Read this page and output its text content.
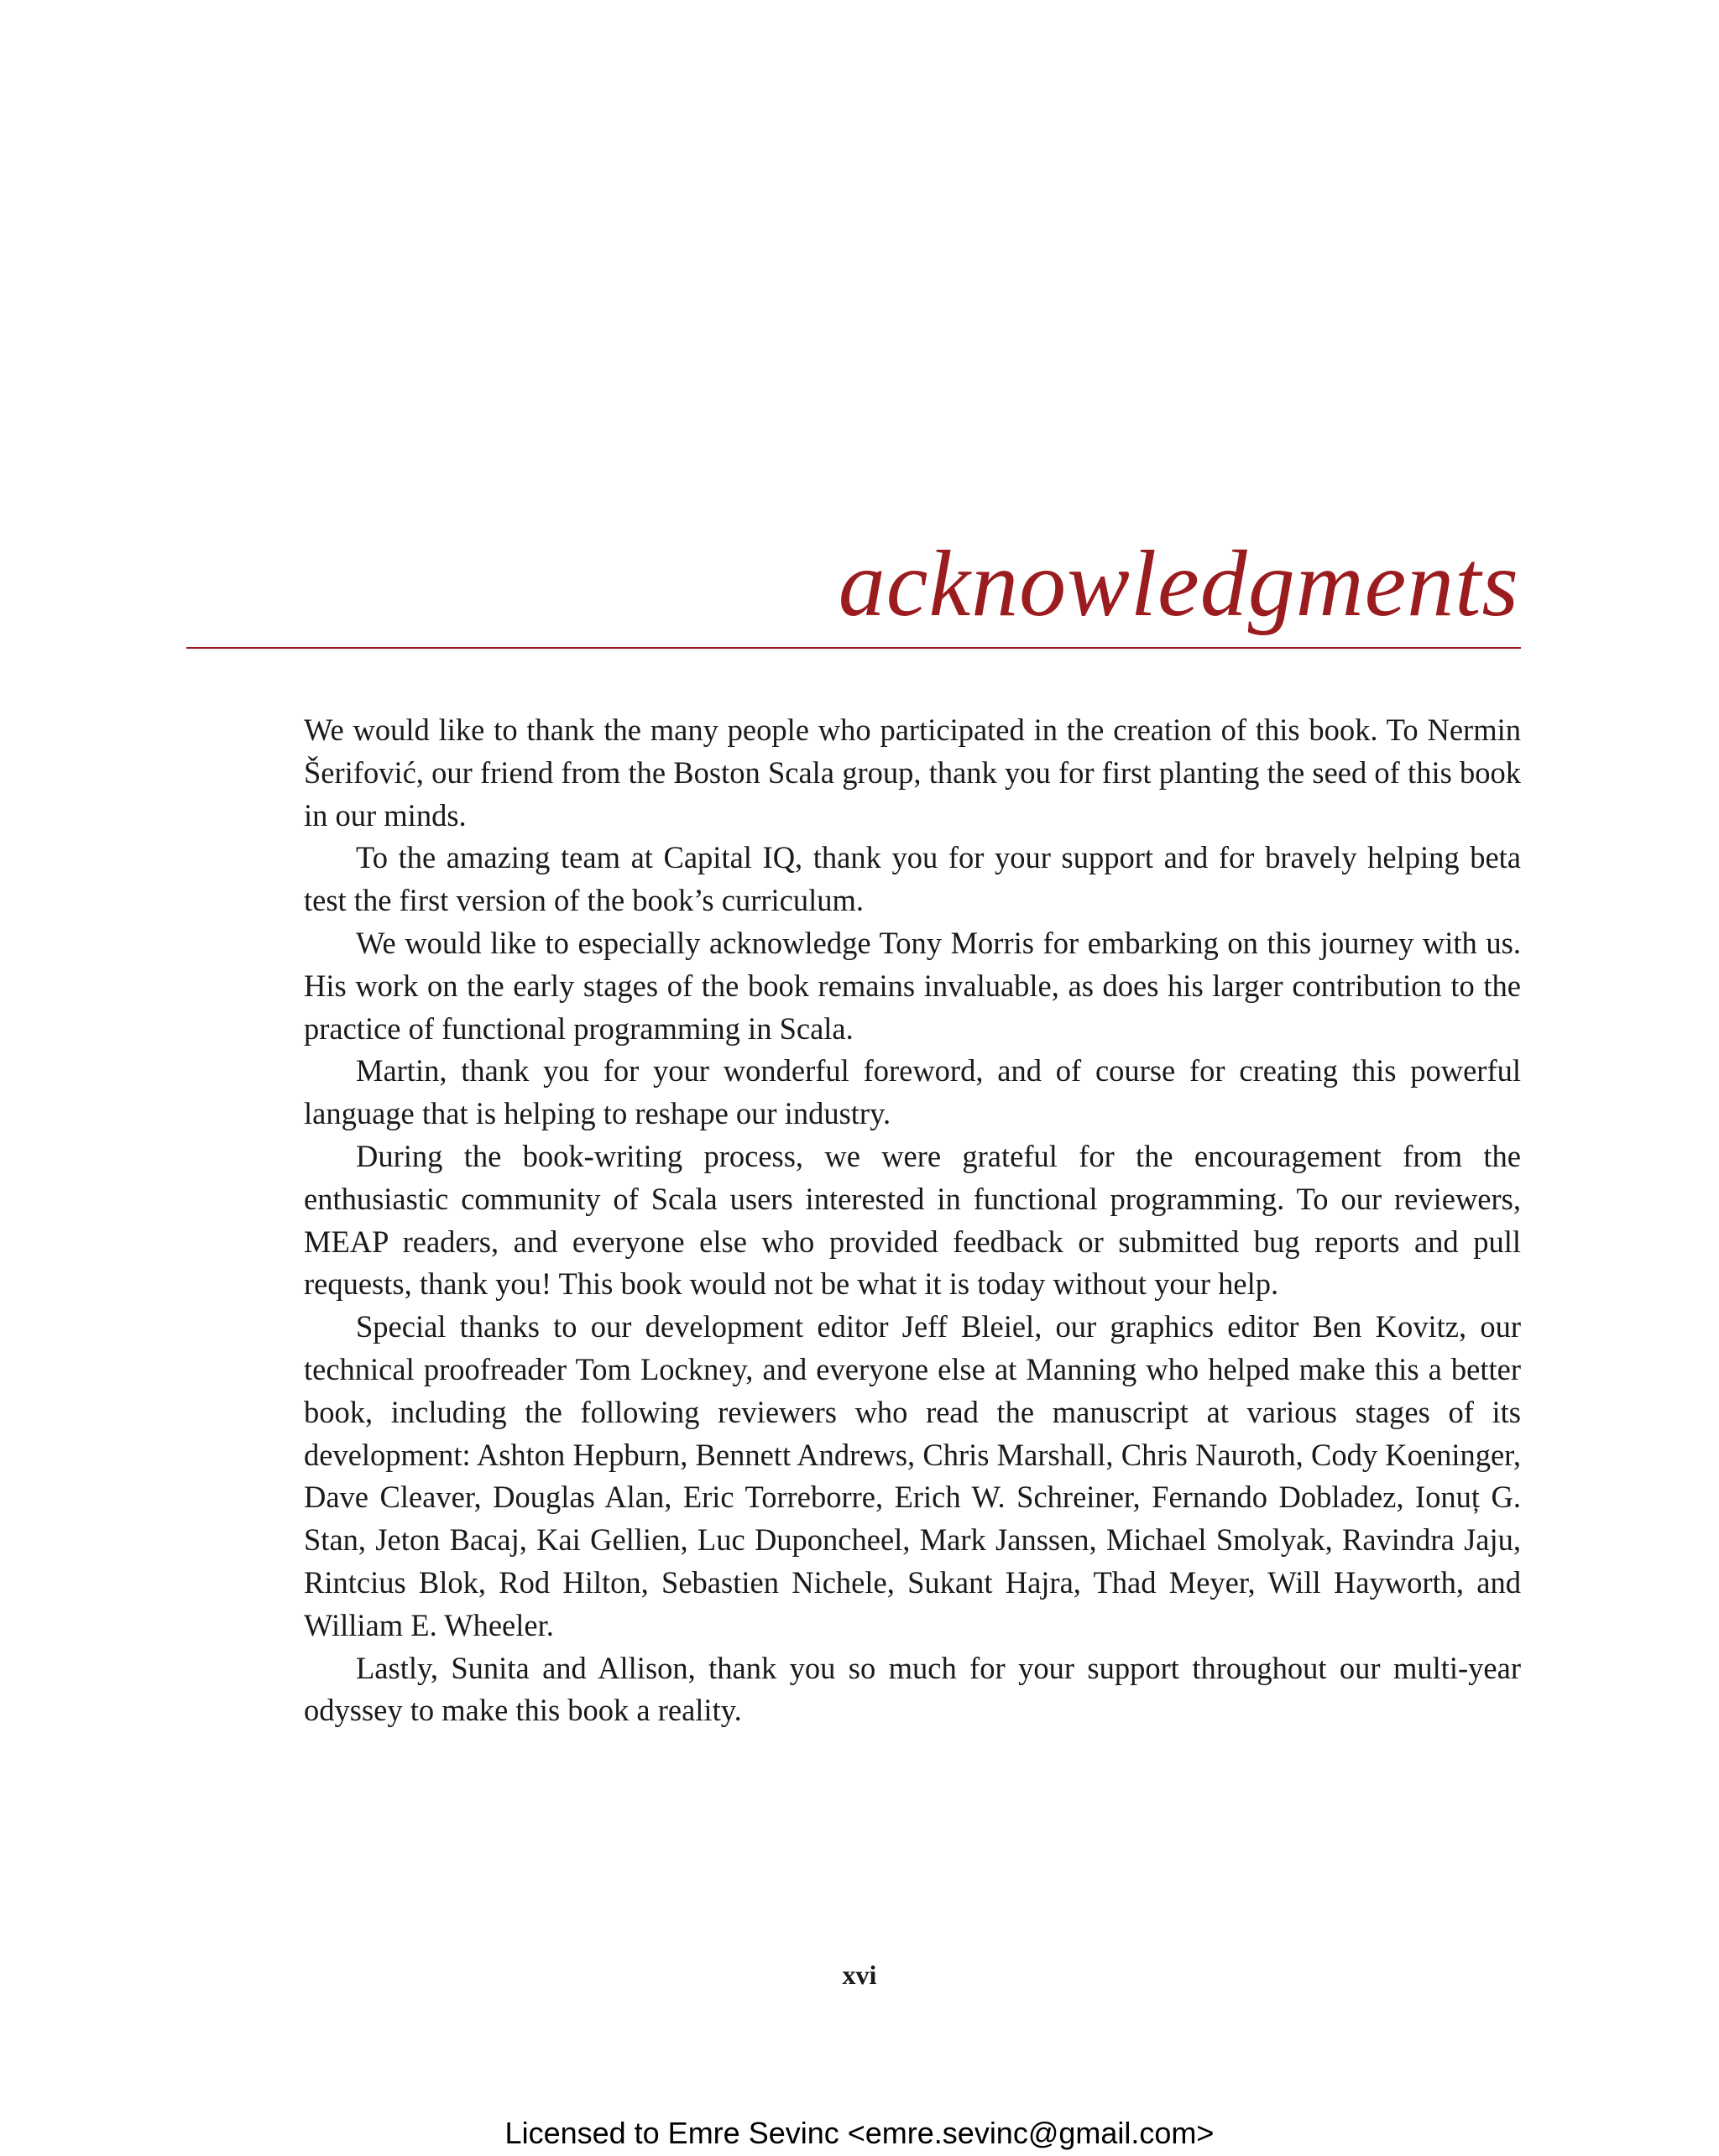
acknowledgments

We would like to thank the many people who participated in the creation of this book. To Nermin Šerifović, our friend from the Boston Scala group, thank you for first planting the seed of this book in our minds.

To the amazing team at Capital IQ, thank you for your support and for bravely helping beta test the first version of the book’s curriculum.

We would like to especially acknowledge Tony Morris for embarking on this journey with us. His work on the early stages of the book remains invaluable, as does his larger contribution to the practice of functional programming in Scala.

Martin, thank you for your wonderful foreword, and of course for creating this powerful language that is helping to reshape our industry.

During the book-writing process, we were grateful for the encouragement from the enthusiastic community of Scala users interested in functional programming. To our reviewers, MEAP readers, and everyone else who provided feedback or submitted bug reports and pull requests, thank you! This book would not be what it is today without your help.

Special thanks to our development editor Jeff Bleiel, our graphics editor Ben Kovitz, our technical proofreader Tom Lockney, and everyone else at Manning who helped make this a better book, including the following reviewers who read the manuscript at various stages of its development: Ashton Hepburn, Bennett Andrews, Chris Marshall, Chris Nauroth, Cody Koeninger, Dave Cleaver, Douglas Alan, Eric Torreborre, Erich W. Schreiner, Fernando Dobladez, Ionuț G. Stan, Jeton Bacaj, Kai Gellien, Luc Duponcheel, Mark Janssen, Michael Smolyak, Ravindra Jaju, Rintcius Blok, Rod Hilton, Sebastien Nichele, Sukant Hajra, Thad Meyer, Will Hayworth, and William E. Wheeler.

Lastly, Sunita and Allison, thank you so much for your support throughout our multi-year odyssey to make this book a reality.

xvi
Licensed to Emre Sevinc <emre.sevinc@gmail.com>
